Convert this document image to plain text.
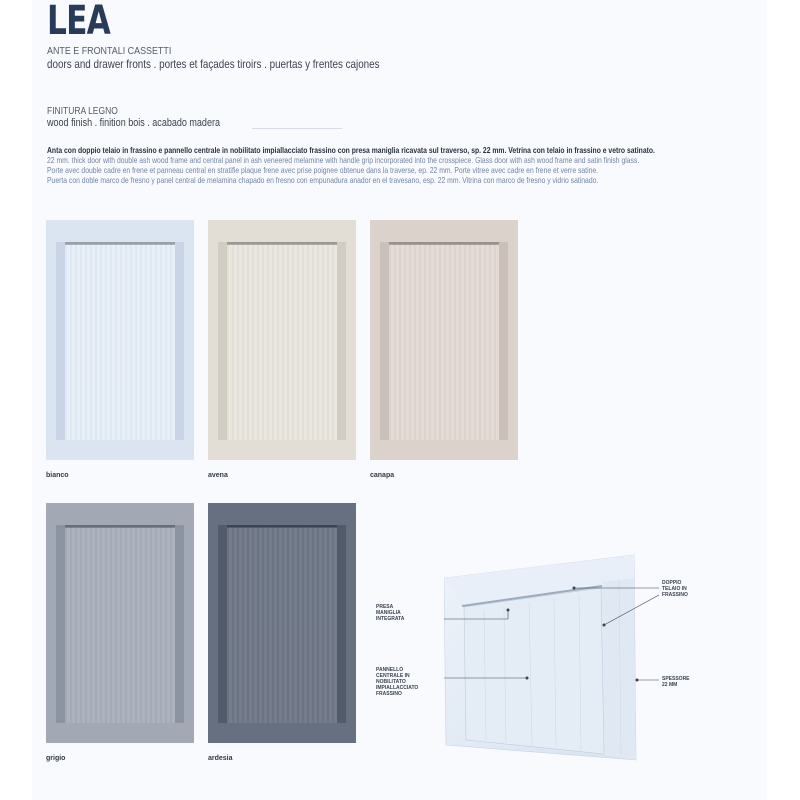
LEA
ANTE E FRONTALI CASSETTI
doors and drawer fronts . portes et façades tiroirs . puertas y frentes cajones
FINITURA LEGNO
wood finish . finition bois . acabado madera
Anta con doppio telaio in frassino e pannello centrale in nobilitato impiallacciato frassino con presa maniglia ricavata sul traverso, sp. 22 mm. Vetrina con telaio in frassino e vetro satinato.
22 mm. thick door with double ash wood frame and central panel in ash veneered melamine with handle grip incorporated into the crosspiece. Glass door with ash wood frame and satin finish glass.
Porte avec double cadre en frene et panneau central en stratifie plaque frene avec prise poignee obtenue dans la traverse, ep. 22 mm. Porte vitree avec cadre en frene et verre satine.
Puerta con doble marco de fresno y panel central de melamina chapado en fresno con empunadura anador en el travesano, esp. 22 mm. Vitrina con marco de fresno y vidrio satinado.
bianco	avena	canapa
grigio	ardesia
PRESA MANIGLIA INTEGRATA
PANNELLO CENTRALE IN NOBILITATO IMPIALLACCIATO FRASSINO
DOPPIO TELAIO IN FRASSINO
SPESSORE 22 MM
